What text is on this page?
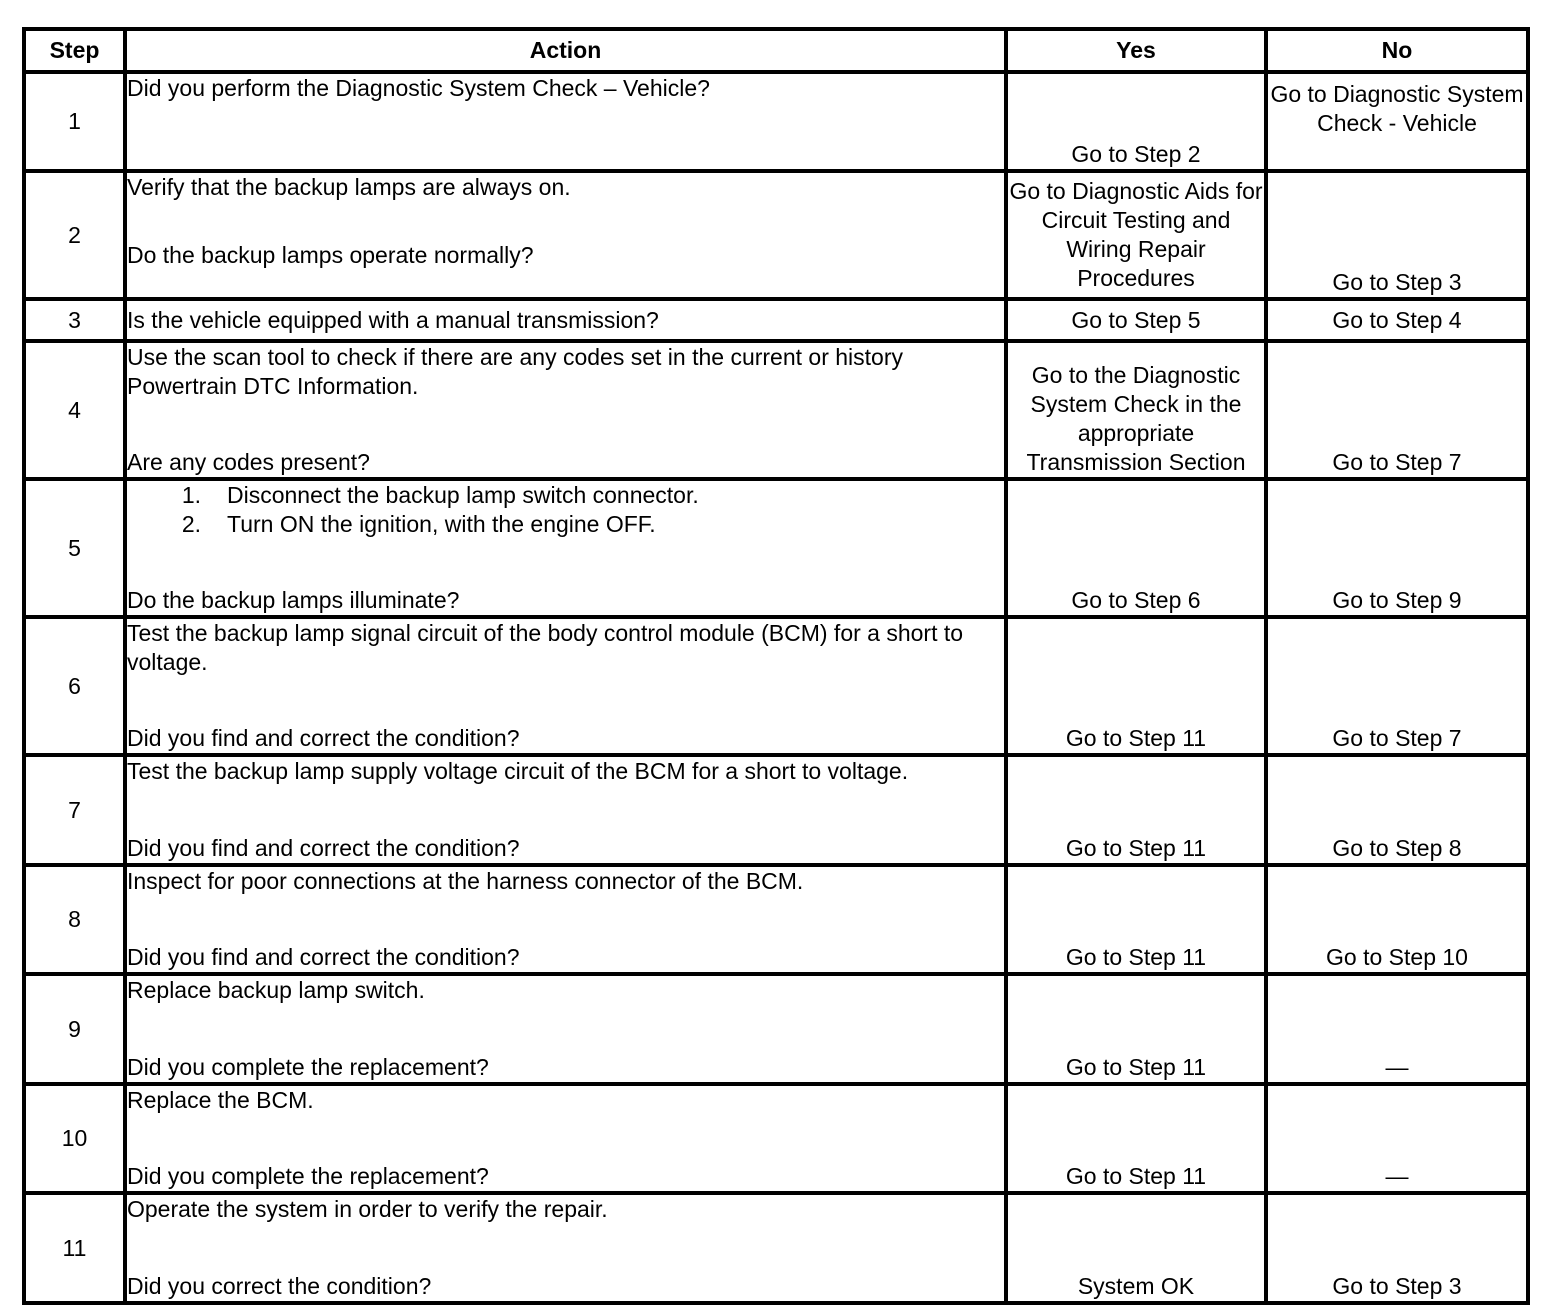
Step	Action	Yes	No
1	Did you perform the Diagnostic System Check – Vehicle?	Go to Step 2	Go to Diagnostic System Check - Vehicle
2	Verify that the backup lamps are always on.
Do the backup lamps operate normally?	Go to Diagnostic Aids for Circuit Testing and Wiring Repair Procedures	Go to Step 3
3	Is the vehicle equipped with a manual transmission?	Go to Step 5	Go to Step 4
4	Use the scan tool to check if there are any codes set in the current or history Powertrain DTC Information.
Are any codes present?	Go to the Diagnostic System Check in the appropriate Transmission Section	Go to Step 7
5	1. Disconnect the backup lamp switch connector.
2. Turn ON the ignition, with the engine OFF.
Do the backup lamps illuminate?	Go to Step 6	Go to Step 9
6	Test the backup lamp signal circuit of the body control module (BCM) for a short to voltage.
Did you find and correct the condition?	Go to Step 11	Go to Step 7
7	Test the backup lamp supply voltage circuit of the BCM for a short to voltage.
Did you find and correct the condition?	Go to Step 11	Go to Step 8
8	Inspect for poor connections at the harness connector of the BCM.
Did you find and correct the condition?	Go to Step 11	Go to Step 10
9	Replace backup lamp switch.
Did you complete the replacement?	Go to Step 11	—
10	Replace the BCM.
Did you complete the replacement?	Go to Step 11	—
11	Operate the system in order to verify the repair.
Did you correct the condition?	System OK	Go to Step 3
